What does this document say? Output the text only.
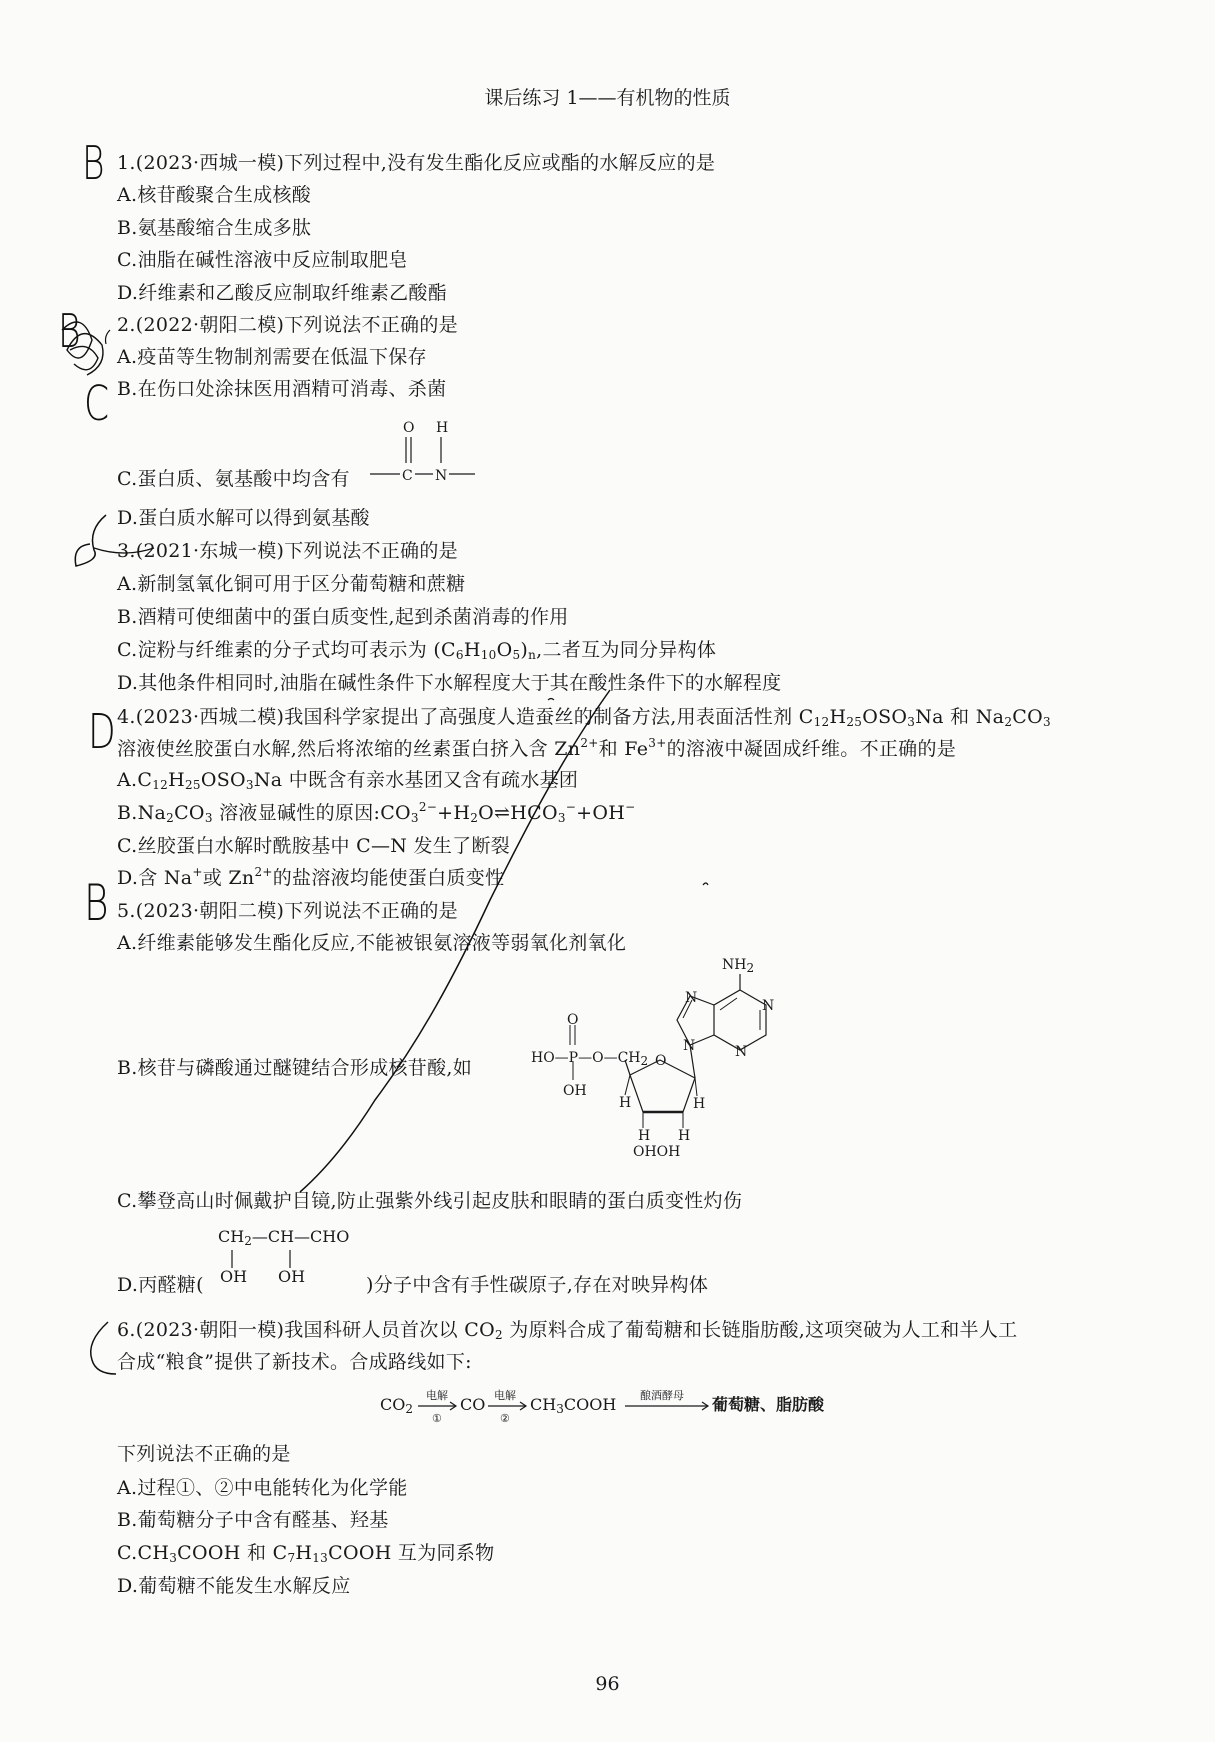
课后练习 1——有机物的性质
1.(2023·西城一模)下列过程中,没有发生酯化反应或酯的水解反应的是
A.核苷酸聚合生成核酸
B.氨基酸缩合生成多肽
C.油脂在碱性溶液中反应制取肥皂
D.纤维素和乙酸反应制取纤维素乙酸酯
2.(2022·朝阳二模)下列说法不正确的是
A.疫苗等生物制剂需要在低温下保存
B.在伤口处涂抹医用酒精可消毒、杀菌
C.蛋白质、氨基酸中均含有
O H
C N
D.蛋白质水解可以得到氨基酸
3.(2021·东城一模)下列说法不正确的是
A.新制氢氧化铜可用于区分葡萄糖和蔗糖
B.酒精可使细菌中的蛋白质变性,起到杀菌消毒的作用
C.淀粉与纤维素的分子式均可表示为 $(C_6H_{10}O_5)_n$,二者互为同分异构体
D.其他条件相同时,油脂在碱性条件下水解程度大于其在酸性条件下的水解程度
4.(2023·西城二模)我国科学家提出了高强度人造蚕丝的制备方法,用表面活性剂 $C_{12}H_{25}OSO_3Na$ 和 $Na_2CO_3$
溶液使丝胶蛋白水解,然后将浓缩的丝素蛋白挤入含 $Zn^{2+}$和 $Fe^{3+}$的溶液中凝固成纤维。不正确的是
$A.C_{12}H_{25}OSO_3Na$ 中既含有亲水基团又含有疏水基团
$B.Na_2CO_3$ 溶液显碱性的原因$:CO_3^{2-}+H_2O\rightleftharpoons HCO_3^-+OH^-$
C.丝胶蛋白水解时酰胺基中 C—N 发生了断裂
D.含 Na+或 $Zn^{2+}$的盐溶液均能使蛋白质变性
5.(2023·朝阳二模)下列说法不正确的是
A.纤维素能够发生酯化反应,不能被银氨溶液等弱氧化剂氧化
B.核苷与磷酸通过醚键结合形成核苷酸,如
N	N
N
N
O
O
OH
H	H
H H
OHOH
$NH_2$
$HO—P—O—CH_2$
C.攀登高山时佩戴护目镜,防止强紫外线引起皮肤和眼睛的蛋白质变性灼伤
$CH_2—CH—CHO$
D.丙醛糖( OH OH	)分子中含有手性碳原子,存在对映异构体
6.(2023·朝阳一模)我国科研人员首次以 $CO_2$ 为原料合成了葡萄糖和长链脂肪酸,这项突破为人工和半人工
合成“粮食”提供了新技术。合成路线如下:
$CO_2$
电解
①
CO 电解
②
$CH_3COOH$ 酿酒酵母 葡萄糖、脂肪酸
下列说法不正确的是
A.过程①、②中电能转化为化学能
B.葡萄糖分子中含有醛基、羟基
$C.CH_3COOH$ 和 $C_7H_{13}COOH$ 互为同系物
D.葡萄糖不能发生水解反应
96
B
B
C
D
B
